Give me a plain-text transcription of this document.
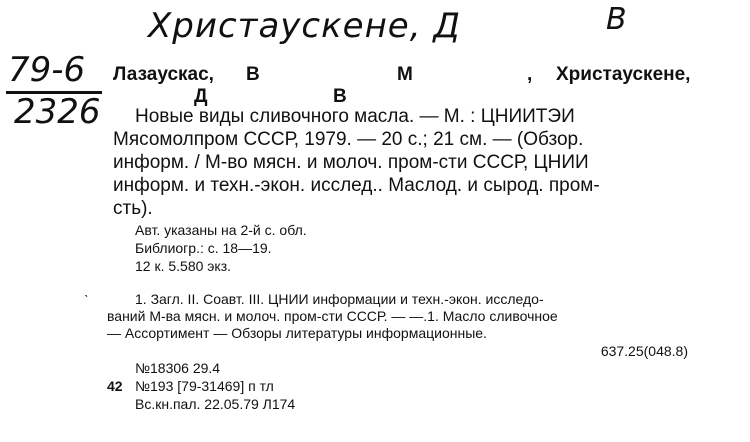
Христаускене, Д	В
79-6
2326
Лазаускас, В	М	, Христаускене,
Д	В
Новые виды сливочного масла. — М. : ЦНИИТЭИ
Мясомолпром СССР, 1979. — 20 с.; 21 см. — (Обзор.
информ. / М-во мясн. и молоч. пром-сти СССР, ЦНИИ
информ. и техн.-экон. исслед.. Маслод. и сырод. пром-
сть).
Авт. указаны на 2-й с. обл.
Библиогр.: с. 18—19.
12 к. 5.580 экз.
ˋ	1. Загл. II. Соавт. III. ЦНИИ информации и техн.-экон. исследо-
ваний М-ва мясн. и молоч. пром-сти СССР. — —.1. Масло сливочное
— Ассортимент — Обзоры литературы информационные.
637.25(048.8)
№18306 29.4
42 №193 [79-31469] п тл
Вс.кн.пал. 22.05.79 Л174
